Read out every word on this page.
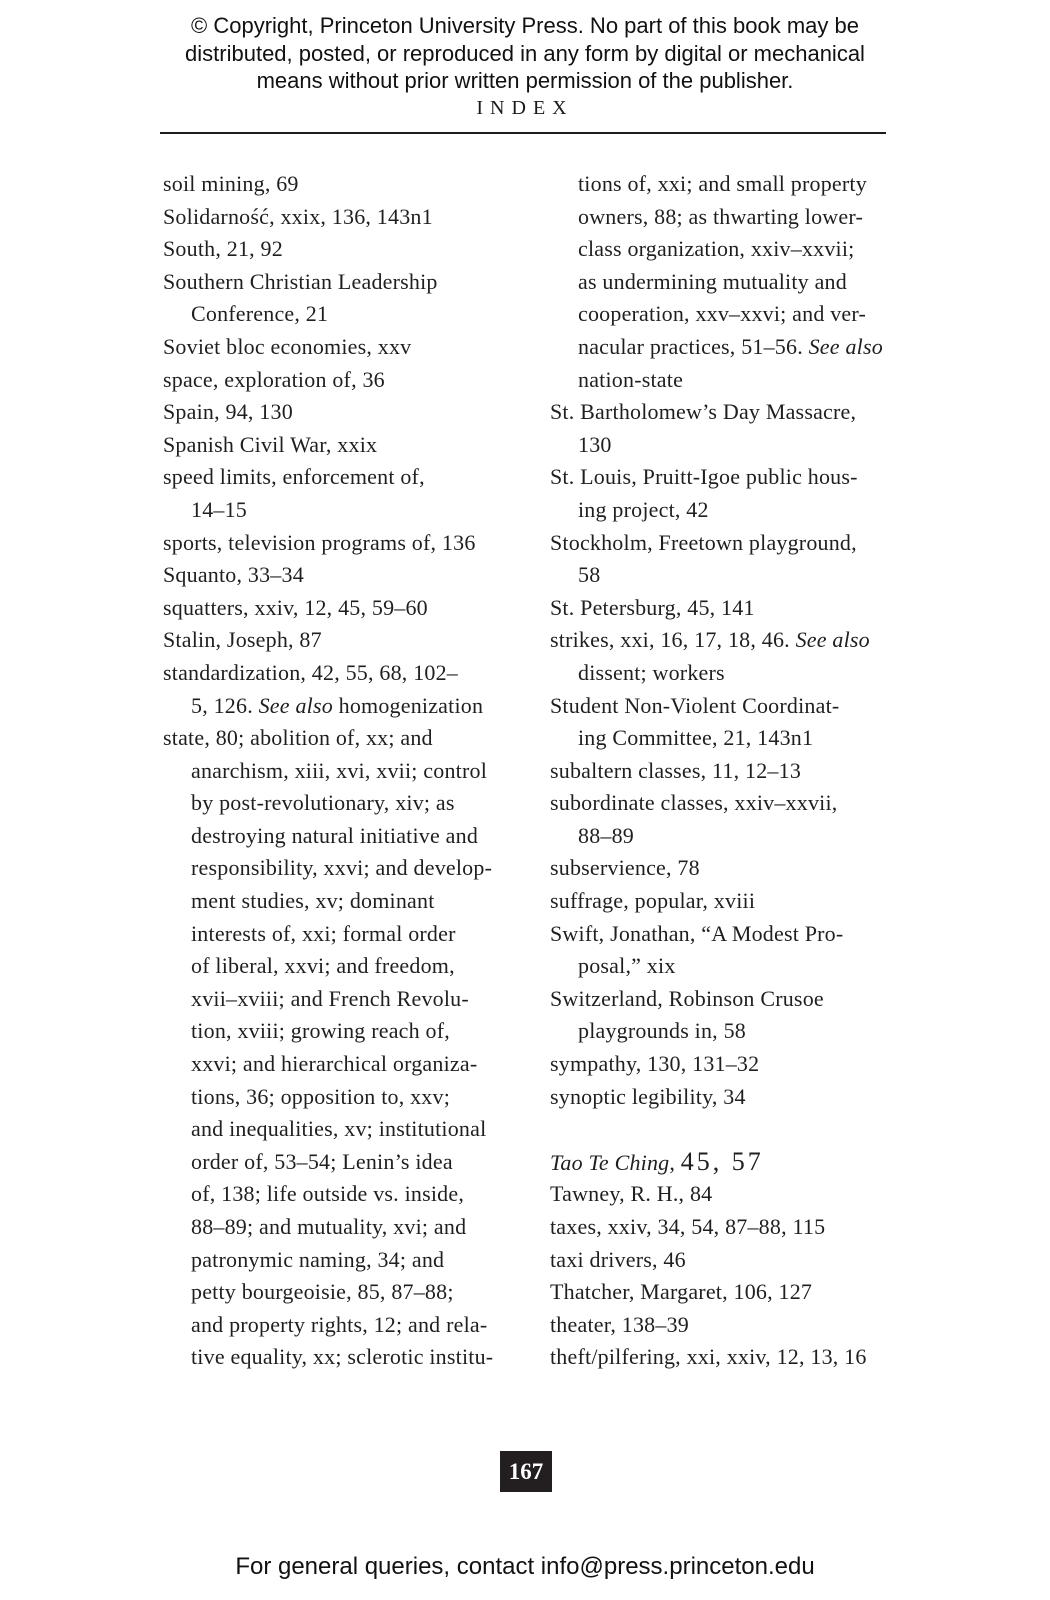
© Copyright, Princeton University Press. No part of this book may be
distributed, posted, or reproduced in any form by digital or mechanical
means without prior written permission of the publisher.
INDEX
soil mining, 69
Solidarność, xxix, 136, 143n1
South, 21, 92
Southern Christian Leadership
Conference, 21
Soviet bloc economies, xxv
space, exploration of, 36
Spain, 94, 130
Spanish Civil War, xxix
speed limits, enforcement of,
14–15
sports, television programs of, 136
Squanto, 33–34
squatters, xxiv, 12, 45, 59–60
Stalin, Joseph, 87
standardization, 42, 55, 68, 102–
5, 126. See also homogenization
state, 80; abolition of, xx; and
anarchism, xiii, xvi, xvii; control
by post-revolutionary, xiv; as
destroying natural initiative and
responsibility, xxvi; and develop-
ment studies, xv; dominant
interests of, xxi; formal order
of liberal, xxvi; and freedom,
xvii–xviii; and French Revolu-
tion, xviii; growing reach of,
xxvi; and hierarchical organiza-
tions, 36; opposition to, xxv;
and inequalities, xv; institutional
order of, 53–54; Lenin’s idea
of, 138; life outside vs. inside,
88–89; and mutuality, xvi; and
patronymic naming, 34; and
petty bourgeoisie, 85, 87–88;
and property rights, 12; and rela-
tive equality, xx; sclerotic institu-
tions of, xxi; and small property
owners, 88; as thwarting lower-
class organization, xxiv–xxvii;
as undermining mutuality and
cooperation, xxv–xxvi; and ver-
nacular practices, 51–56. See also
nation-state
St. Bartholomew’s Day Massacre,
130
St. Louis, Pruitt-Igoe public hous-
ing project, 42
Stockholm, Freetown playground,
58
St. Petersburg, 45, 141
strikes, xxi, 16, 17, 18, 46. See also
dissent; workers
Student Non-Violent Coordinat-
ing Committee, 21, 143n1
subaltern classes, 11, 12–13
subordinate classes, xxiv–xxvii,
88–89
subservience, 78
suffrage, popular, xviii
Swift, Jonathan, “A Modest Pro-
posal,” xix
Switzerland, Robinson Crusoe
playgrounds in, 58
sympathy, 130, 131–32
synoptic legibility, 34
Tao Te Ching, 45, 57
Tawney, R. H., 84
taxes, xxiv, 34, 54, 87–88, 115
taxi drivers, 46
Thatcher, Margaret, 106, 127
theater, 138–39
theft/pilfering, xxi, xxiv, 12, 13, 16
167
For general queries, contact info@press.princeton.edu
